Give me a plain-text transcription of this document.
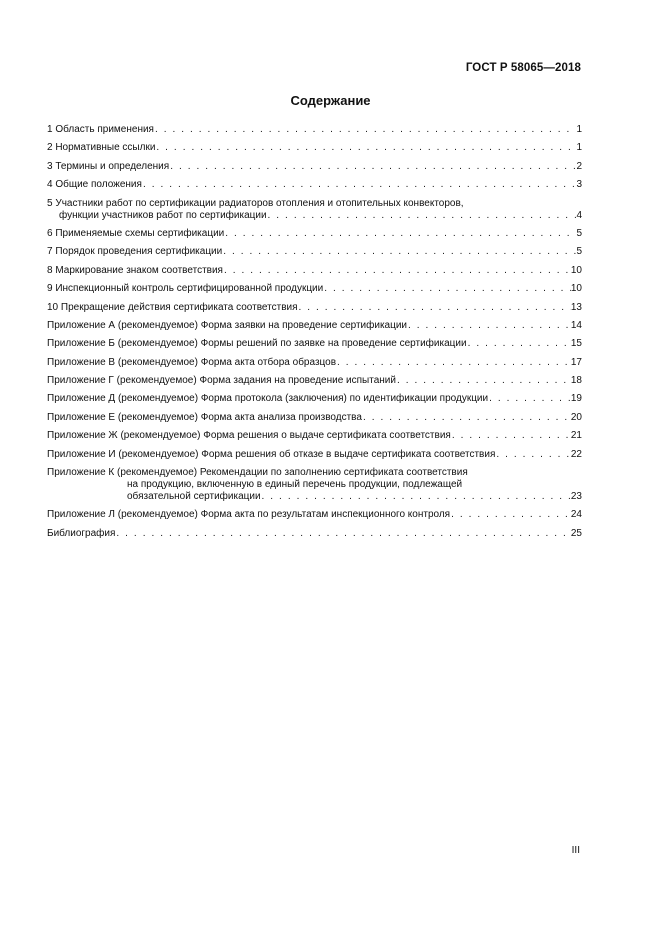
ГОСТ Р 58065—2018
Содержание
1 Область применения . . .	1
2 Нормативные ссылки . . .	1
3 Термины и определения . . .	2
4 Общие положения . . .	3
5 Участники работ по сертификации радиаторов отопления и отопительных конвекторов,
функции участников работ по сертификации . . .	4
6 Применяемые схемы сертификации . . .	5
7 Порядок проведения сертификации . . .	5
8 Маркирование знаком соответствия . . .	10
9 Инспекционный контроль сертифицированной продукции . . .	10
10 Прекращение действия сертификата соответствия . . .	13
Приложение А (рекомендуемое) Форма заявки на проведение сертификации . . .	14
Приложение Б (рекомендуемое) Формы решений по заявке на проведение сертификации . . .	15
Приложение В (рекомендуемое) Форма акта отбора образцов . . .	17
Приложение Г (рекомендуемое) Форма задания на проведение испытаний . . .	18
Приложение Д (рекомендуемое) Форма протокола (заключения) по идентификации продукции . . .	19
Приложение Е (рекомендуемое) Форма акта анализа производства . . .	20
Приложение Ж (рекомендуемое) Форма решения о выдаче сертификата соответствия . . .	21
Приложение И (рекомендуемое) Форма решения об отказе в выдаче сертификата соответствия . . .	22
Приложение К (рекомендуемое) Рекомендации по заполнению сертификата соответствия
на продукцию, включенную в единый перечень продукции, подлежащей
обязательной сертификации . . .	23
Приложение Л (рекомендуемое) Форма акта по результатам инспекционного контроля . . .	24
Библиография . . .	25
III
